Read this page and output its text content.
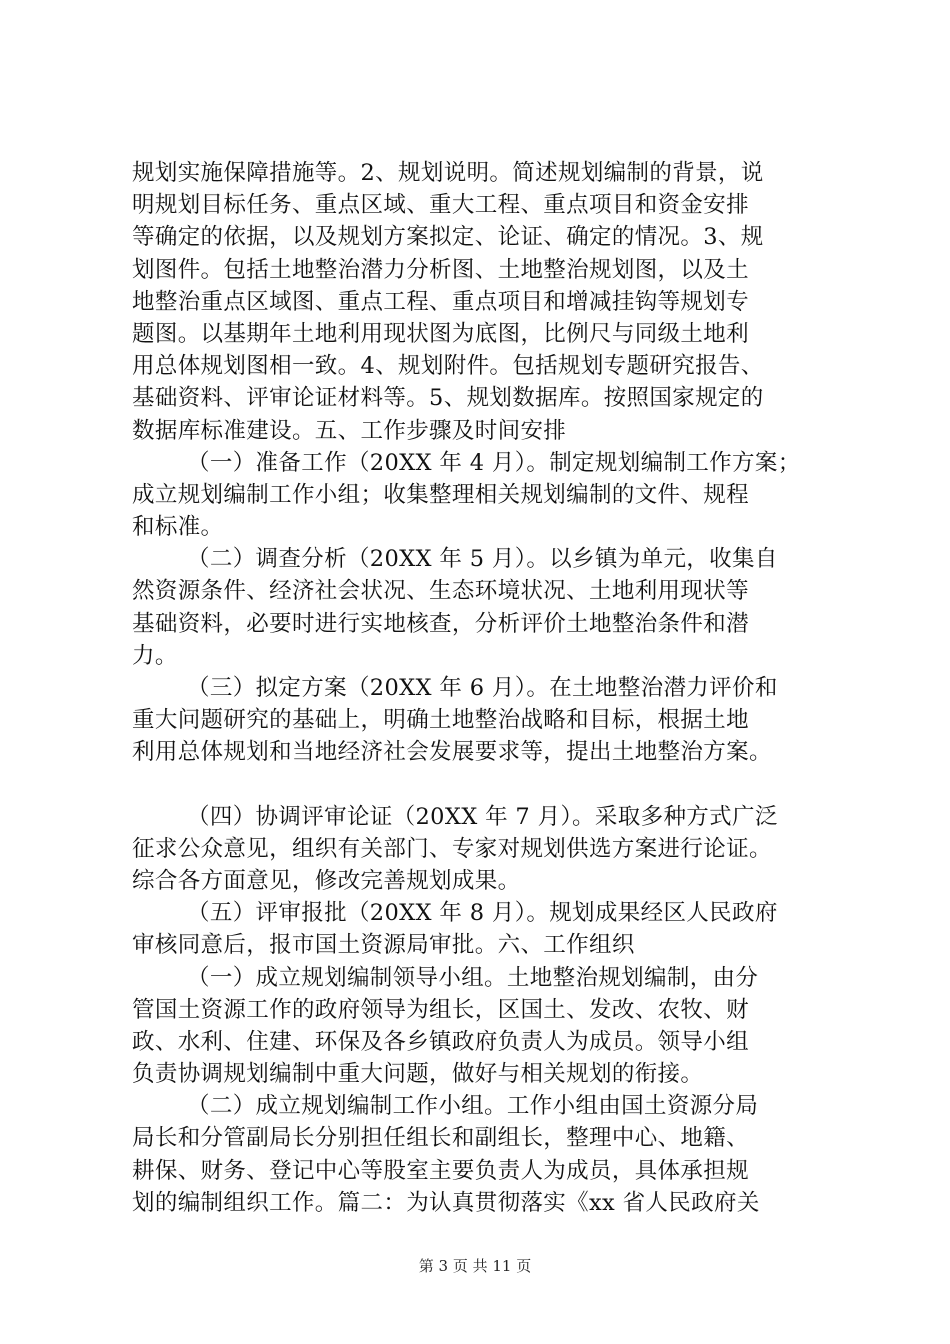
规划实施保障措施等。2、规划说明。简述规划编制的背景，说
明规划目标任务、重点区域、重大工程、重点项目和资金安排
等确定的依据，以及规划方案拟定、论证、确定的情况。3、规
划图件。包括土地整治潜力分析图、土地整治规划图，以及土
地整治重点区域图、重点工程、重点项目和增减挂钩等规划专
题图。以基期年土地利用现状图为底图，比例尺与同级土地利
用总体规划图相一致。4、规划附件。包括规划专题研究报告、
基础资料、评审论证材料等。5、规划数据库。按照国家规定的
数据库标准建设。五、工作步骤及时间安排
（一）准备工作（20XX 年 4 月）。制定规划编制工作方案；
成立规划编制工作小组；收集整理相关规划编制的文件、规程
和标准。
（二）调查分析（20XX 年 5 月）。以乡镇为单元，收集自
然资源条件、经济社会状况、生态环境状况、土地利用现状等
基础资料，必要时进行实地核查，分析评价土地整治条件和潜
力。
（三）拟定方案（20XX 年 6 月）。在土地整治潜力评价和
重大问题研究的基础上，明确土地整治战略和目标，根据土地
利用总体规划和当地经济社会发展要求等，提出土地整治方案。
（四）协调评审论证（20XX 年 7 月）。采取多种方式广泛
征求公众意见，组织有关部门、专家对规划供选方案进行论证。
综合各方面意见，修改完善规划成果。
（五）评审报批（20XX 年 8 月）。规划成果经区人民政府
审核同意后，报市国土资源局审批。六、工作组织
（一）成立规划编制领导小组。土地整治规划编制，由分
管国土资源工作的政府领导为组长，区国土、发改、农牧、财
政、水利、住建、环保及各乡镇政府负责人为成员。领导小组
负责协调规划编制中重大问题，做好与相关规划的衔接。
（二）成立规划编制工作小组。工作小组由国土资源分局
局长和分管副局长分别担任组长和副组长，整理中心、地籍、
耕保、财务、登记中心等股室主要负责人为成员，具体承担规
划的编制组织工作。篇二：为认真贯彻落实《xx 省人民政府关
第 3 页 共 11 页
